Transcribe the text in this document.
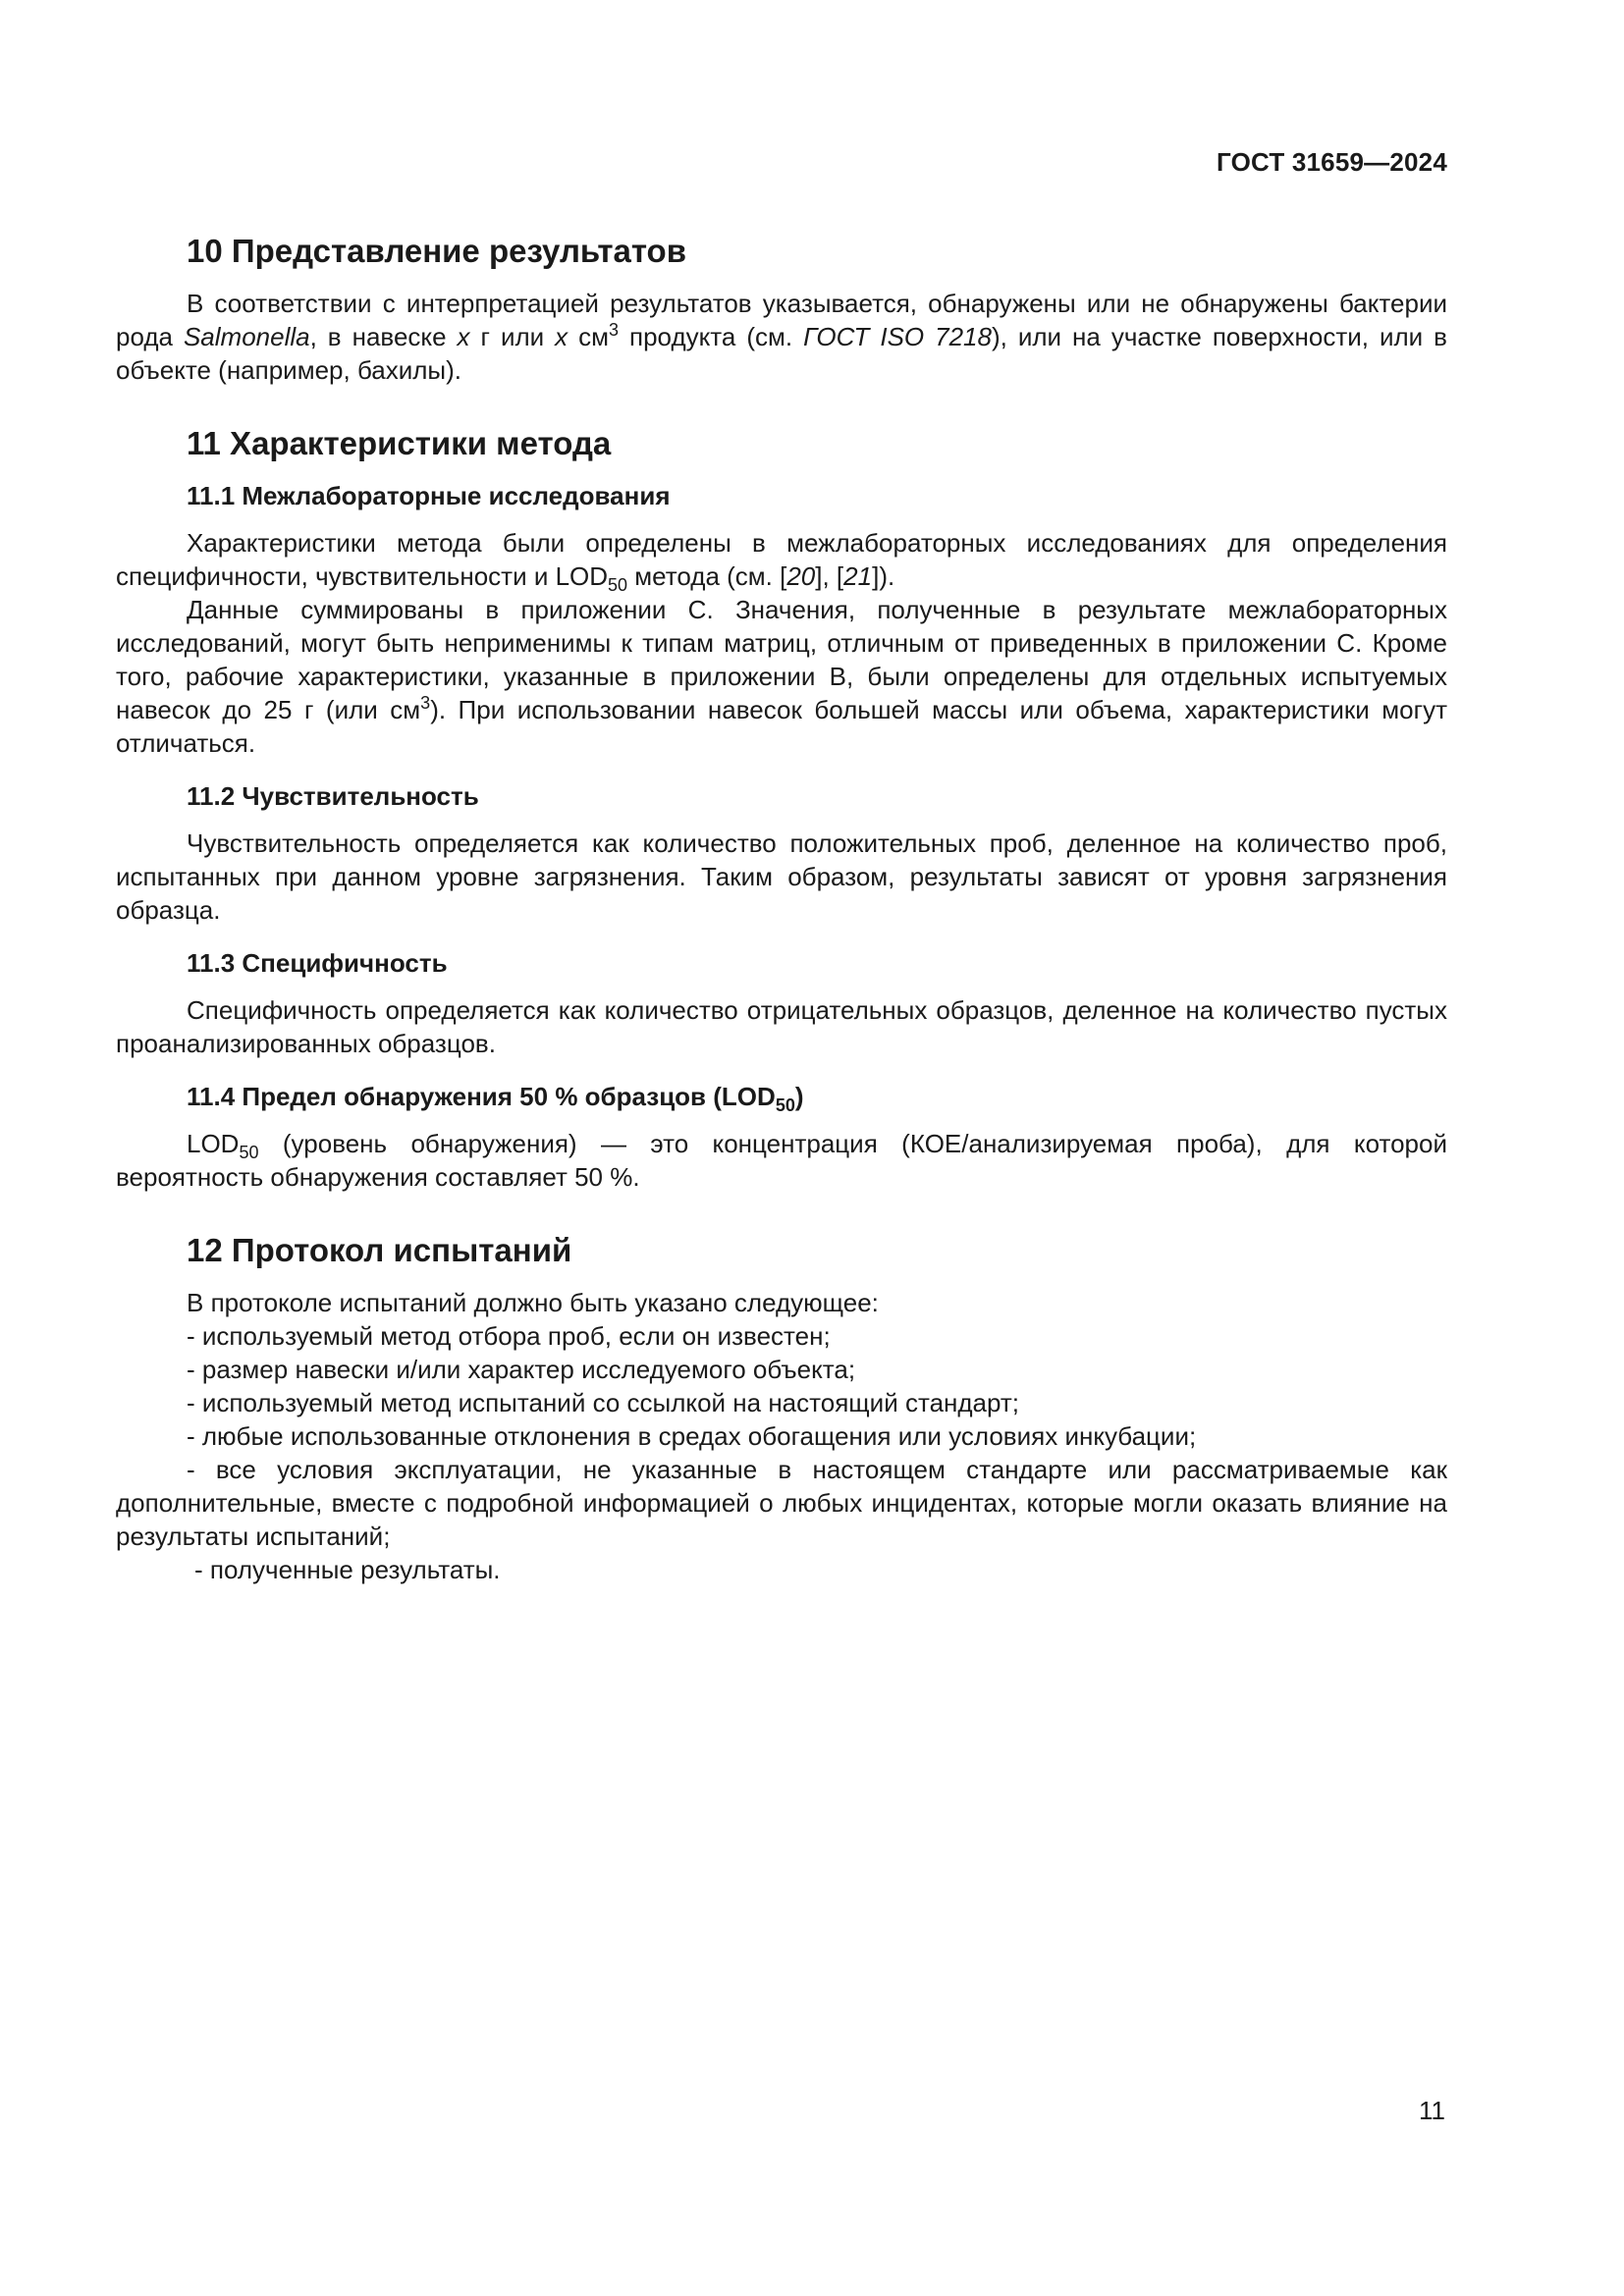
ГОСТ 31659—2024
10 Представление результатов

В соответствии с интерпретацией результатов указывается, обнаружены или не обнаружены бактерии рода Salmonella, в навеске x г или x $см^3$ продукта (см. ГОСТ ISO 7218), или на участке поверхности, или в объекте (например, бахилы).

11 Характеристики метода
11.1 Межлабораторные исследования

Характеристики метода были определены в межлабораторных исследованиях для определения специфичности, чувствительности и $LOD_{50}$ метода (см. [20], [21]).

Данные суммированы в приложении С. Значения, полученные в результате межлабораторных исследований, могут быть неприменимы к типам матриц, отличным от приведенных в приложении С. Кроме того, рабочие характеристики, указанные в приложении В, были определены для отдельных испытуемых навесок до 25 г (или $см^3$). При использовании навесок большей массы или объема, характеристики могут отличаться.

11.2 Чувствительность

Чувствительность определяется как количество положительных проб, деленное на количество проб, испытанных при данном уровне загрязнения. Таким образом, результаты зависят от уровня загрязнения образца.

11.3 Специфичность

Специфичность определяется как количество отрицательных образцов, деленное на количество пустых проанализированных образцов.

11.4 Предел обнаружения 50 % образцов $(LOD_{50})$

$LOD_{50}$ (уровень обнаружения) — это концентрация (КОЕ/анализируемая проба), для которой вероятность обнаружения составляет 50 %.

12 Протокол испытаний

В протоколе испытаний должно быть указано следующее:

- используемый метод отбора проб, если он известен;

- размер навески и/или характер исследуемого объекта;

- используемый метод испытаний со ссылкой на настоящий стандарт;

- любые использованные отклонения в средах обогащения или условиях инкубации;

- все условия эксплуатации, не указанные в настоящем стандарте или рассматриваемые как дополнительные, вместе с подробной информацией о любых инцидентах, которые могли оказать влияние на результаты испытаний;

- полученные результаты.

11
